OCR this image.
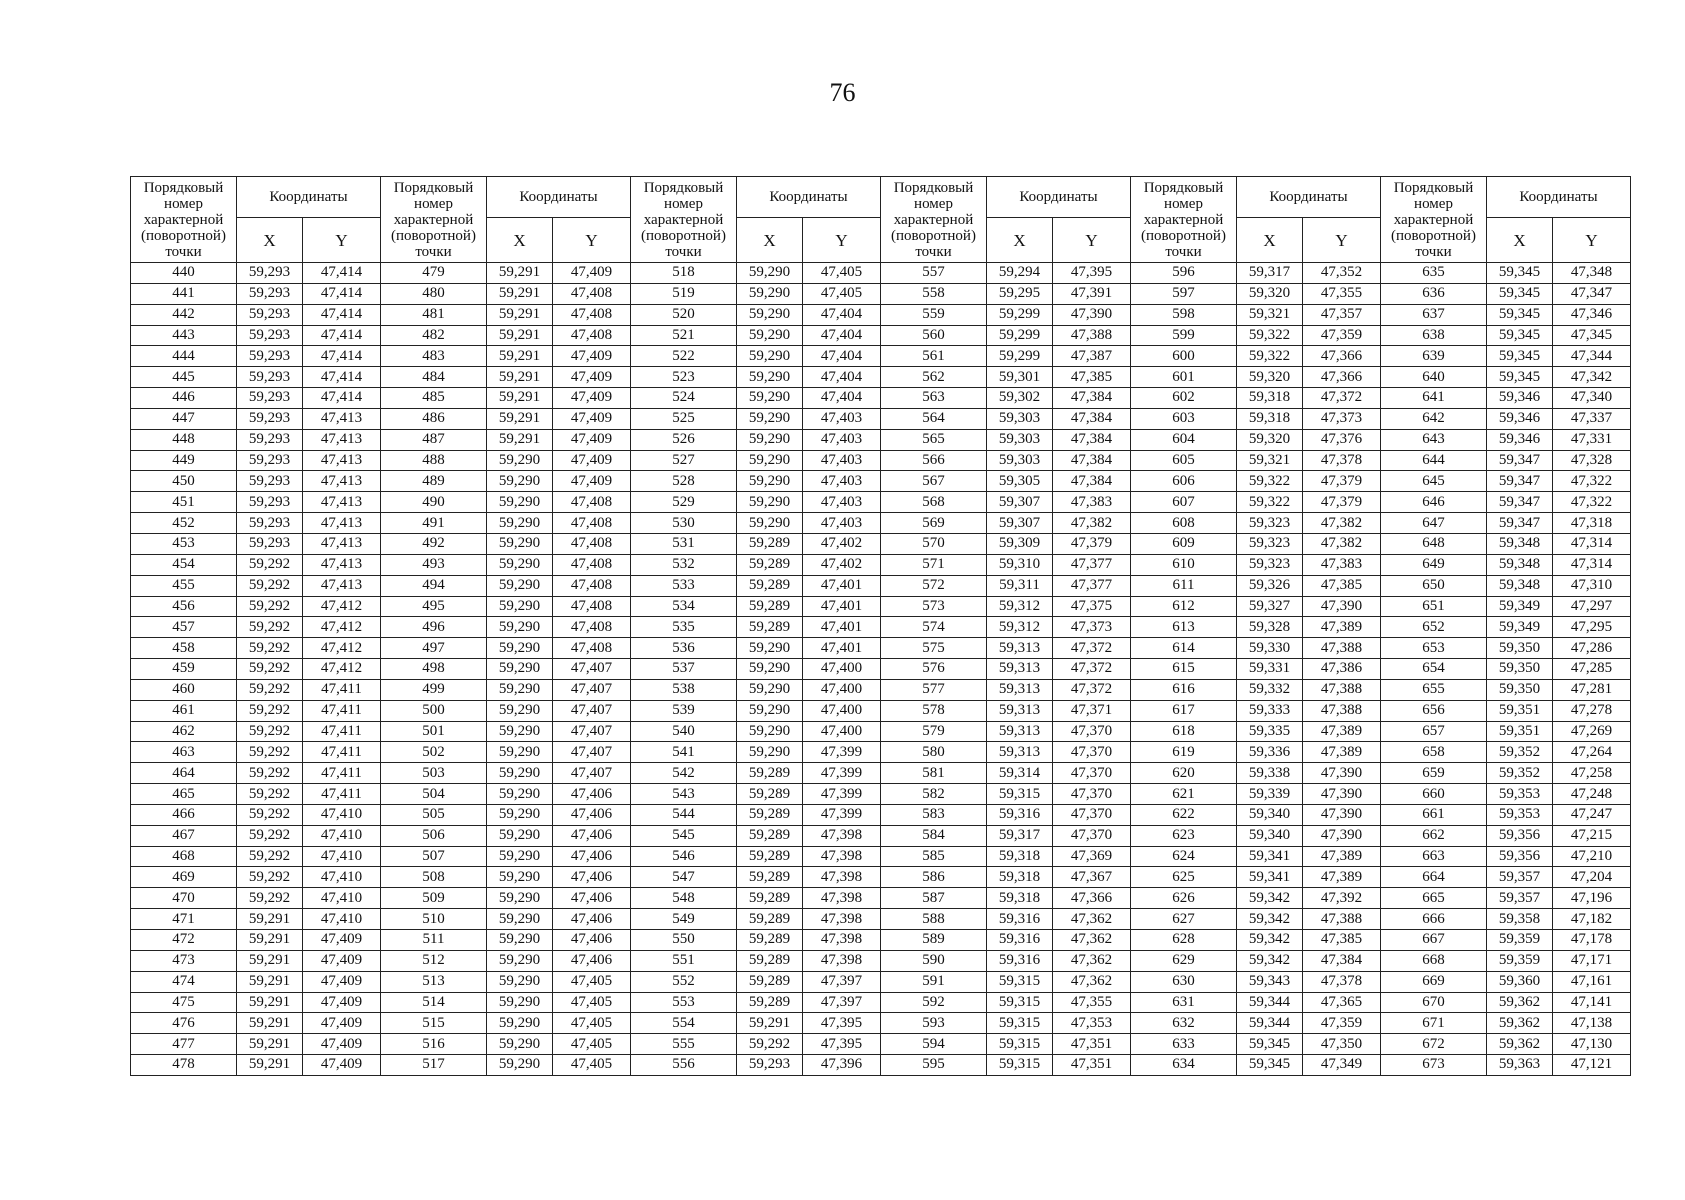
76
Порядковый
номер
характерной
(поворотной)
точки	Координаты		Порядковый
номер
характерной
(поворотной)
точки	Координаты		Порядковый
номер
характерной
(поворотной)
точки	Координаты		Порядковый
номер
характерной
(поворотной)
точки	Координаты		Порядковый
номер
характерной
(поворотной)
точки	Координаты		Порядковый
номер
характерной
(поворотной)
точки	Координаты	
	X	Y		X	Y		X	Y		X	Y		X	Y		X	Y
440	59,293	47,414	479	59,291	47,409	518	59,290	47,405	557	59,294	47,395	596	59,317	47,352	635	59,345	47,348
441	59,293	47,414	480	59,291	47,408	519	59,290	47,405	558	59,295	47,391	597	59,320	47,355	636	59,345	47,347
442	59,293	47,414	481	59,291	47,408	520	59,290	47,404	559	59,299	47,390	598	59,321	47,357	637	59,345	47,346
443	59,293	47,414	482	59,291	47,408	521	59,290	47,404	560	59,299	47,388	599	59,322	47,359	638	59,345	47,345
444	59,293	47,414	483	59,291	47,409	522	59,290	47,404	561	59,299	47,387	600	59,322	47,366	639	59,345	47,344
445	59,293	47,414	484	59,291	47,409	523	59,290	47,404	562	59,301	47,385	601	59,320	47,366	640	59,345	47,342
446	59,293	47,414	485	59,291	47,409	524	59,290	47,404	563	59,302	47,384	602	59,318	47,372	641	59,346	47,340
447	59,293	47,413	486	59,291	47,409	525	59,290	47,403	564	59,303	47,384	603	59,318	47,373	642	59,346	47,337
448	59,293	47,413	487	59,291	47,409	526	59,290	47,403	565	59,303	47,384	604	59,320	47,376	643	59,346	47,331
449	59,293	47,413	488	59,290	47,409	527	59,290	47,403	566	59,303	47,384	605	59,321	47,378	644	59,347	47,328
450	59,293	47,413	489	59,290	47,409	528	59,290	47,403	567	59,305	47,384	606	59,322	47,379	645	59,347	47,322
451	59,293	47,413	490	59,290	47,408	529	59,290	47,403	568	59,307	47,383	607	59,322	47,379	646	59,347	47,322
452	59,293	47,413	491	59,290	47,408	530	59,290	47,403	569	59,307	47,382	608	59,323	47,382	647	59,347	47,318
453	59,293	47,413	492	59,290	47,408	531	59,289	47,402	570	59,309	47,379	609	59,323	47,382	648	59,348	47,314
454	59,292	47,413	493	59,290	47,408	532	59,289	47,402	571	59,310	47,377	610	59,323	47,383	649	59,348	47,314
455	59,292	47,413	494	59,290	47,408	533	59,289	47,401	572	59,311	47,377	611	59,326	47,385	650	59,348	47,310
456	59,292	47,412	495	59,290	47,408	534	59,289	47,401	573	59,312	47,375	612	59,327	47,390	651	59,349	47,297
457	59,292	47,412	496	59,290	47,408	535	59,289	47,401	574	59,312	47,373	613	59,328	47,389	652	59,349	47,295
458	59,292	47,412	497	59,290	47,408	536	59,290	47,401	575	59,313	47,372	614	59,330	47,388	653	59,350	47,286
459	59,292	47,412	498	59,290	47,407	537	59,290	47,400	576	59,313	47,372	615	59,331	47,386	654	59,350	47,285
460	59,292	47,411	499	59,290	47,407	538	59,290	47,400	577	59,313	47,372	616	59,332	47,388	655	59,350	47,281
461	59,292	47,411	500	59,290	47,407	539	59,290	47,400	578	59,313	47,371	617	59,333	47,388	656	59,351	47,278
462	59,292	47,411	501	59,290	47,407	540	59,290	47,400	579	59,313	47,370	618	59,335	47,389	657	59,351	47,269
463	59,292	47,411	502	59,290	47,407	541	59,290	47,399	580	59,313	47,370	619	59,336	47,389	658	59,352	47,264
464	59,292	47,411	503	59,290	47,407	542	59,289	47,399	581	59,314	47,370	620	59,338	47,390	659	59,352	47,258
465	59,292	47,411	504	59,290	47,406	543	59,289	47,399	582	59,315	47,370	621	59,339	47,390	660	59,353	47,248
466	59,292	47,410	505	59,290	47,406	544	59,289	47,399	583	59,316	47,370	622	59,340	47,390	661	59,353	47,247
467	59,292	47,410	506	59,290	47,406	545	59,289	47,398	584	59,317	47,370	623	59,340	47,390	662	59,356	47,215
468	59,292	47,410	507	59,290	47,406	546	59,289	47,398	585	59,318	47,369	624	59,341	47,389	663	59,356	47,210
469	59,292	47,410	508	59,290	47,406	547	59,289	47,398	586	59,318	47,367	625	59,341	47,389	664	59,357	47,204
470	59,292	47,410	509	59,290	47,406	548	59,289	47,398	587	59,318	47,366	626	59,342	47,392	665	59,357	47,196
471	59,291	47,410	510	59,290	47,406	549	59,289	47,398	588	59,316	47,362	627	59,342	47,388	666	59,358	47,182
472	59,291	47,409	511	59,290	47,406	550	59,289	47,398	589	59,316	47,362	628	59,342	47,385	667	59,359	47,178
473	59,291	47,409	512	59,290	47,406	551	59,289	47,398	590	59,316	47,362	629	59,342	47,384	668	59,359	47,171
474	59,291	47,409	513	59,290	47,405	552	59,289	47,397	591	59,315	47,362	630	59,343	47,378	669	59,360	47,161
475	59,291	47,409	514	59,290	47,405	553	59,289	47,397	592	59,315	47,355	631	59,344	47,365	670	59,362	47,141
476	59,291	47,409	515	59,290	47,405	554	59,291	47,395	593	59,315	47,353	632	59,344	47,359	671	59,362	47,138
477	59,291	47,409	516	59,290	47,405	555	59,292	47,395	594	59,315	47,351	633	59,345	47,350	672	59,362	47,130
478	59,291	47,409	517	59,290	47,405	556	59,293	47,396	595	59,315	47,351	634	59,345	47,349	673	59,363	47,121
